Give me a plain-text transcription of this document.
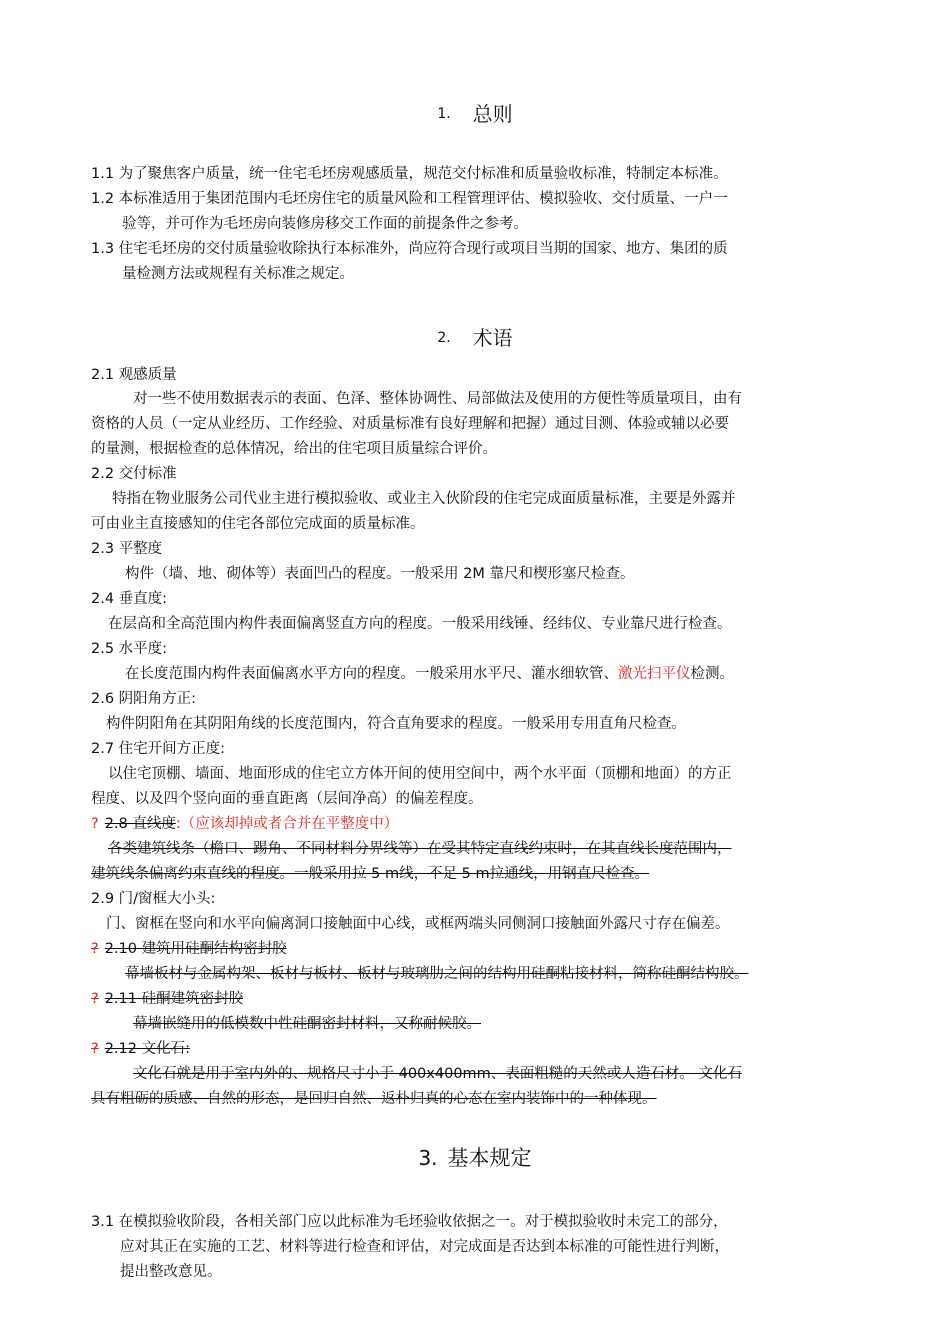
1. 总则
1.1 为了聚焦客户质量，统一住宅毛坯房观感质量，规范交付标准和质量验收标准，特制定本标准。
1.2 本标准适用于集团范围内毛坯房住宅的质量风险和工程管理评估、模拟验收、交付质量、一户一
验等，并可作为毛坯房向装修房移交工作面的前提条件之参考。
1.3 住宅毛坯房的交付质量验收除执行本标准外，尚应符合现行或项目当期的国家、地方、集团的质
量检测方法或规程有关标准之规定。
2. 术语
2.1 观感质量
对一些不使用数据表示的表面、色泽、整体协调性、局部做法及使用的方便性等质量项目，由有
资格的人员（一定从业经历、工作经验、对质量标准有良好理解和把握）通过目测、体验或辅以必要
的量测，根据检查的总体情况，给出的住宅项目质量综合评价。
2.2 交付标准
特指在物业服务公司代业主进行模拟验收、或业主入伙阶段的住宅完成面质量标准，主要是外露并
可由业主直接感知的住宅各部位完成面的质量标准。
2.3 平整度
构件（墙、地、砌体等）表面凹凸的程度。一般采用 2M 靠尺和楔形塞尺检查。
2.4 垂直度:
在层高和全高范围内构件表面偏离竖直方向的程度。一般采用线锤、经纬仪、专业靠尺进行检查。
2.5 水平度:
在长度范围内构件表面偏离水平方向的程度。一般采用水平尺、灌水细软管、激光扫平仪检测。
2.6 阴阳角方正:
构件阴阳角在其阴阳角线的长度范围内，符合直角要求的程度。一般采用专用直角尺检查。
2.7 住宅开间方正度:
以住宅顶棚、墙面、地面形成的住宅立方体开间的使用空间中，两个水平面（顶棚和地面）的方正
程度、以及四个竖向面的垂直距离（层间净高）的偏差程度。
? 2.8 直线度:（应该却掉或者合并在平整度中）
各类建筑线条（檐口、踢角、不同材料分界线等）在受其特定直线约束时，在其直线长度范围内，
建筑线条偏离约束直线的程度。一般采用拉 5 m线，不足 5 m拉通线，用钢直尺检查。
2.9 门/窗框大小头:
门、窗框在竖向和水平向偏离洞口接触面中心线，或框两端头同侧洞口接触面外露尺寸存在偏差。
? 2.10 建筑用硅酮结构密封胶
幕墙板材与金属构架、板材与板材、板材与玻璃肋之间的结构用硅酮粘接材料，简称硅酮结构胶。
? 2.11 硅酮建筑密封胶
幕墙嵌缝用的低模数中性硅酮密封材料，又称耐候胶。
? 2.12 文化石:
文化石就是用于室内外的、规格尺寸小于 400x400mm、表面粗糙的天然或人造石材。 文化石
具有粗砺的质感、自然的形态，是回归自然、返朴归真的心态在室内装饰中的一种体现。
3. 基本规定
3.1 在模拟验收阶段，各相关部门应以此标准为毛坯验收依据之一。对于模拟验收时未完工的部分，
应对其正在实施的工艺、材料等进行检查和评估，对完成面是否达到本标准的可能性进行判断，
提出整改意见。
